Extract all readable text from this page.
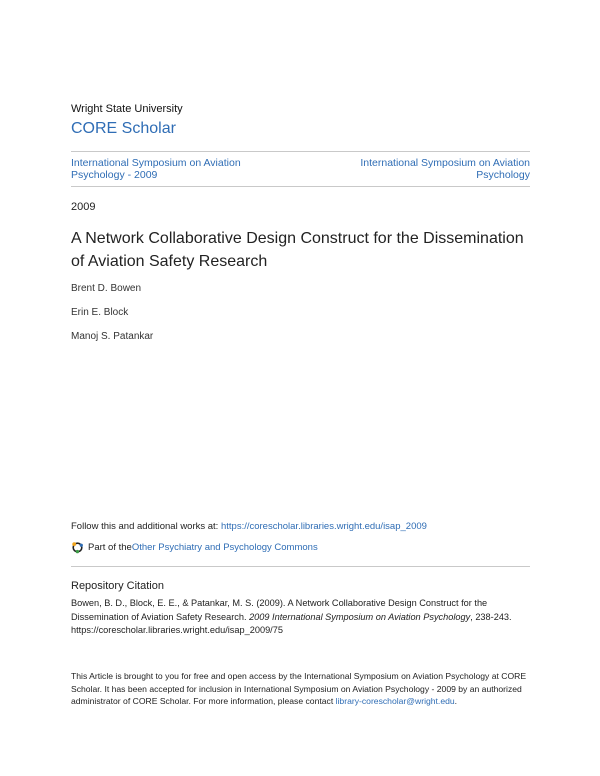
Wright State University
CORE Scholar
International Symposium on Aviation Psychology - 2009
International Symposium on Aviation Psychology
2009
A Network Collaborative Design Construct for the Dissemination of Aviation Safety Research
Brent D. Bowen
Erin E. Block
Manoj S. Patankar
Follow this and additional works at: https://corescholar.libraries.wright.edu/isap_2009
Part of the Other Psychiatry and Psychology Commons
Repository Citation
Bowen, B. D., Block, E. E., & Patankar, M. S. (2009). A Network Collaborative Design Construct for the Dissemination of Aviation Safety Research. 2009 International Symposium on Aviation Psychology, 238-243.
https://corescholar.libraries.wright.edu/isap_2009/75
This Article is brought to you for free and open access by the International Symposium on Aviation Psychology at CORE Scholar. It has been accepted for inclusion in International Symposium on Aviation Psychology - 2009 by an authorized administrator of CORE Scholar. For more information, please contact library-corescholar@wright.edu.
